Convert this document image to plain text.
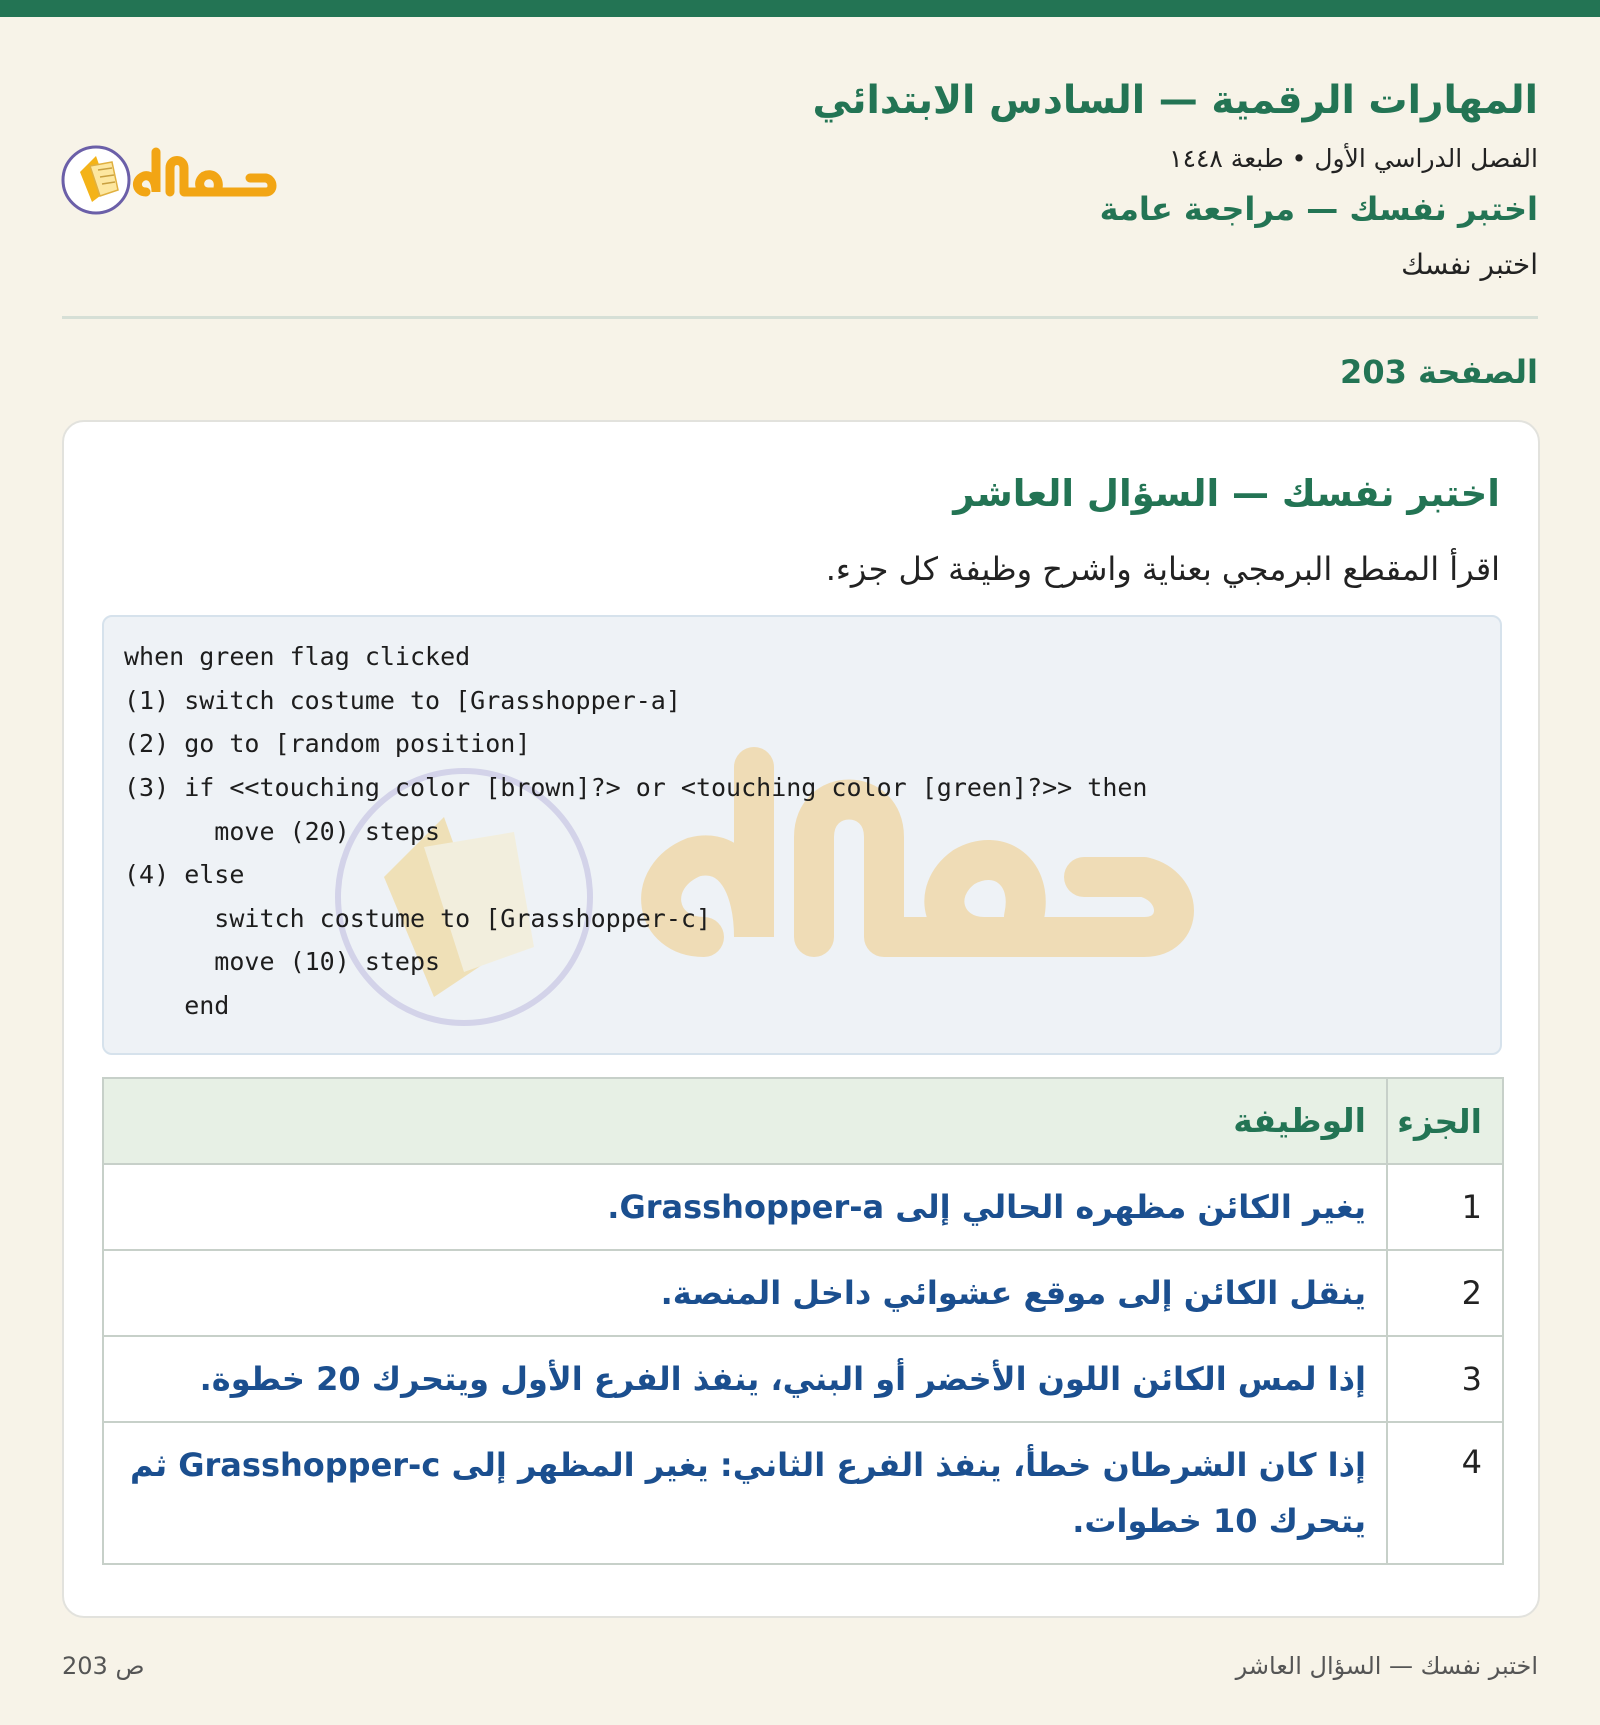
المهارات الرقمية — السادس الابتدائي
الفصل الدراسي الأول • طبعة ١٤٤٨
اختبر نفسك — مراجعة عامة
اختبر نفسك
الصفحة 203
اختبر نفسك — السؤال العاشر
اقرأ المقطع البرمجي بعناية واشرح وظيفة كل جزء.
when green flag clicked
(1) switch costume to [Grasshopper-a]
(2) go to [random position]
(3) if <<touching color [brown]?> or <touching color [green]?>> then
move (20) steps
(4) else
switch costume to [Grasshopper-c]
move (10) steps
end
الجزء
الوظيفة
1
يغير الكائن مظهره الحالي إلى Grasshopper-a.
2
ينقل الكائن إلى موقع عشوائي داخل المنصة.
3
إذا لمس الكائن اللون الأخضر أو البني، ينفذ الفرع الأول ويتحرك 20 خطوة.
4
إذا كان الشرطان خطأ، ينفذ الفرع الثاني: يغير المظهر إلى Grasshopper-c ثم يتحرك 10 خطوات.
ص 203	اختبر نفسك — السؤال العاشر
